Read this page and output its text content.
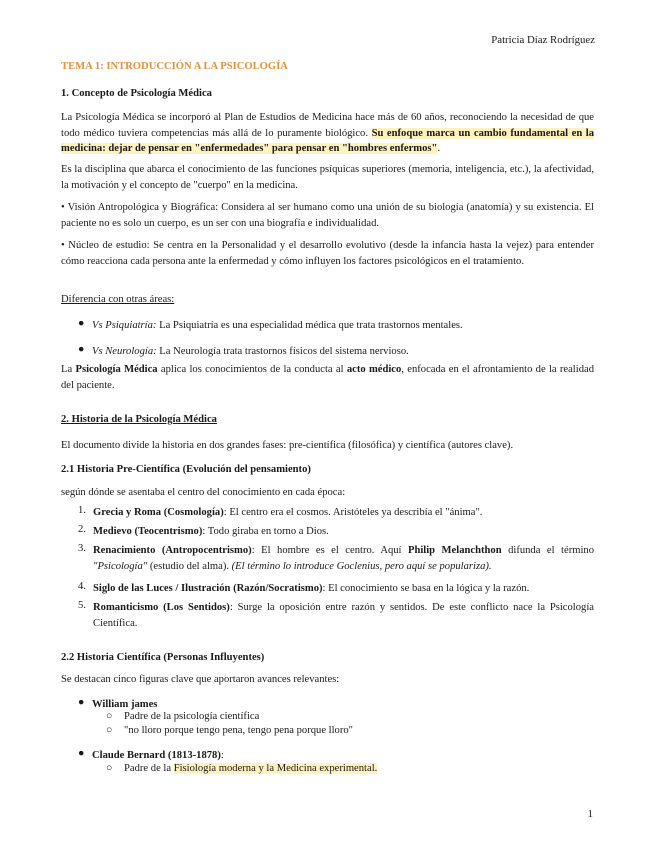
Patricia Díaz Rodríguez
TEMA 1: INTRODUCCIÓN A LA PSICOLOGÍA
1. Concepto de Psicología Médica
La Psicología Médica se incorporó al Plan de Estudios de Medicina hace más de 60 años, reconociendo la necesidad de que todo médico tuviera competencias más allá de lo puramente biológico. Su enfoque marca un cambio fundamental en la medicina: dejar de pensar en "enfermedades" para pensar en "hombres enfermos".
Es la disciplina que abarca el conocimiento de las funciones psíquicas superiores (memoria, inteligencia, etc.), la afectividad, la motivación y el concepto de "cuerpo" en la medicina.
• Visión Antropológica y Biográfica: Considera al ser humano como una unión de su biología (anatomía) y su existencia. El paciente no es solo un cuerpo, es un ser con una biografía e individualidad.
• Núcleo de estudio: Se centra en la Personalidad y el desarrollo evolutivo (desde la infancia hasta la vejez) para entender cómo reacciona cada persona ante la enfermedad y cómo influyen los factores psicológicos en el tratamiento.
Diferencia con otras áreas:
● Vs Psiquiatría: La Psiquiatría es una especialidad médica que trata trastornos mentales.
● Vs Neurología: La Neurología trata trastornos físicos del sistema nervioso.
La Psicología Médica aplica los conocimientos de la conducta al acto médico, enfocada en el afrontamiento de la realidad del paciente.
2. Historia de la Psicología Médica
El documento divide la historia en dos grandes fases: pre-científica (filosófica) y científica (autores clave).
2.1 Historia Pre-Científica (Evolución del pensamiento)
según dónde se asentaba el centro del conocimiento en cada época:
1. Grecia y Roma (Cosmología): El centro era el cosmos. Aristóteles ya describía el "ánima".
2. Medievo (Teocentrismo): Todo giraba en torno a Dios.
3. Renacimiento (Antropocentrismo): El hombre es el centro. Aquí Philip Melanchthon difunda el término "Psicología" (estudio del alma). (El término lo introduce Goclenius, pero aquí se populariza).
4. Siglo de las Luces / Ilustración (Razón/Socratismo): El conocimiento se basa en la lógica y la razón.
5. Romanticismo (Los Sentidos): Surge la oposición entre razón y sentidos. De este conflicto nace la Psicología Científica.
2.2 Historia Científica (Personas Influyentes)
Se destacan cinco figuras clave que aportaron avances relevantes:
● William james
○ Padre de la psicología científica
○ "no lloro porque tengo pena, tengo pena porque lloro"
● Claude Bernard (1813-1878):
○ Padre de la Fisiología moderna y la Medicina experimental.
1
